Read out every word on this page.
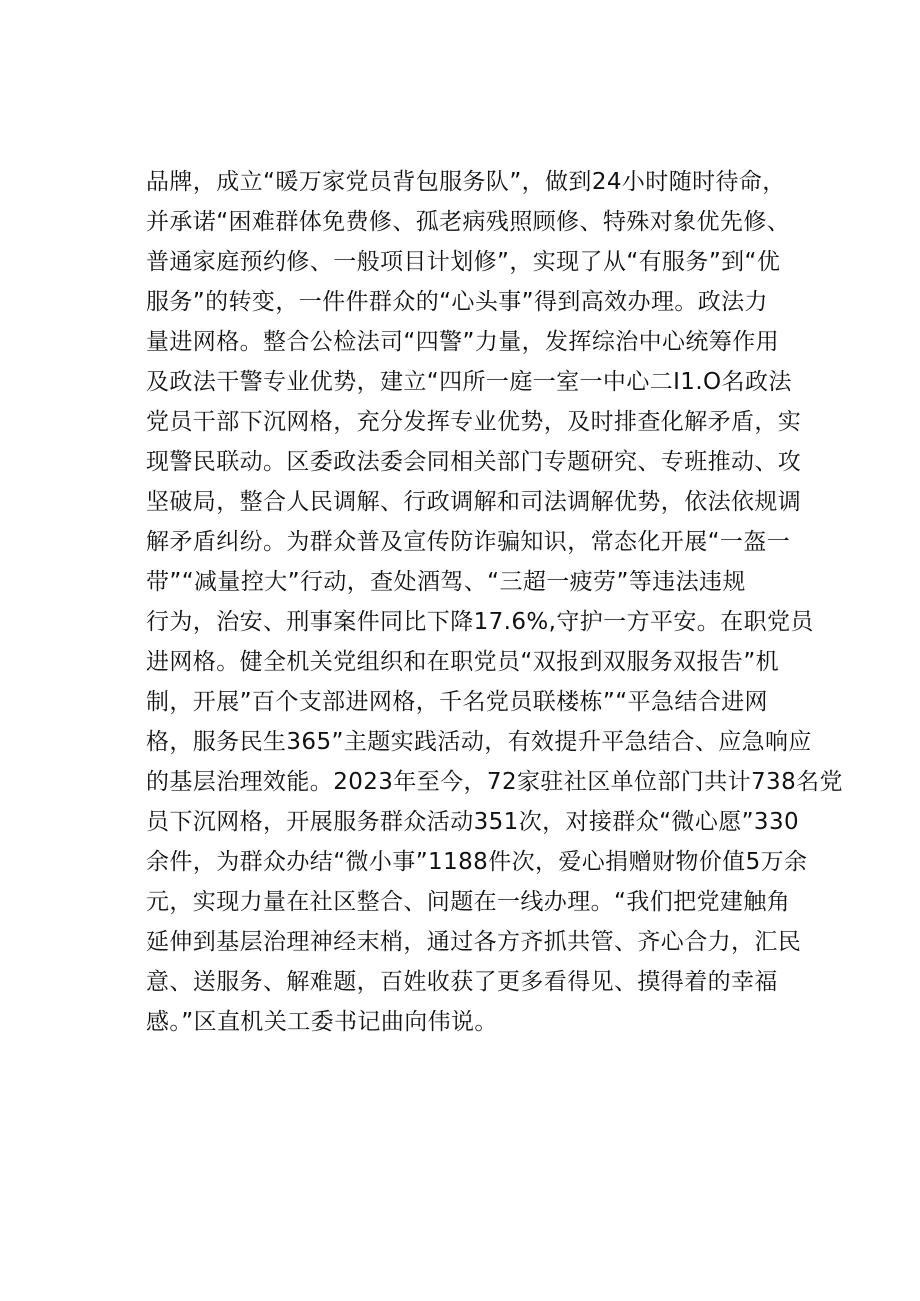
品牌，成立“暖万家党员背包服务队”，做到24小时随时待命，
并承诺“困难群体免费修、孤老病残照顾修、特殊对象优先修、
普通家庭预约修、一般项目计划修”，实现了从“有服务”到“优
服务”的转变，一件件群众的“心头事”得到高效办理。政法力
量进网格。整合公检法司“四警”力量，发挥综治中心统筹作用
及政法干警专业优势，建立“四所一庭一室一中心二I1.O名政法
党员干部下沉网格，充分发挥专业优势，及时排查化解矛盾，实
现警民联动。区委政法委会同相关部门专题研究、专班推动、攻
坚破局，整合人民调解、行政调解和司法调解优势，依法依规调
解矛盾纠纷。为群众普及宣传防诈骗知识，常态化开展“一盔一
带”“减量控大”行动，查处酒驾、“三超一疲劳”等违法违规
行为，治安、刑事案件同比下降17.6%,守护一方平安。在职党员
进网格。健全机关党组织和在职党员“双报到双服务双报告”机
制，开展”百个支部进网格，千名党员联楼栋”“平急结合进网
格，服务民生365”主题实践活动，有效提升平急结合、应急响应
的基层治理效能。2023年至今，72家驻社区单位部门共计738名党
员下沉网格，开展服务群众活动351次，对接群众“微心愿”330
余件，为群众办结“微小事”1188件次，爱心捐赠财物价值5万余
元，实现力量在社区整合、问题在一线办理。“我们把党建触角
延伸到基层治理神经末梢，通过各方齐抓共管、齐心合力，汇民
意、送服务、解难题，百姓收获了更多看得见、摸得着的幸福
感。”区直机关工委书记曲向伟说。
